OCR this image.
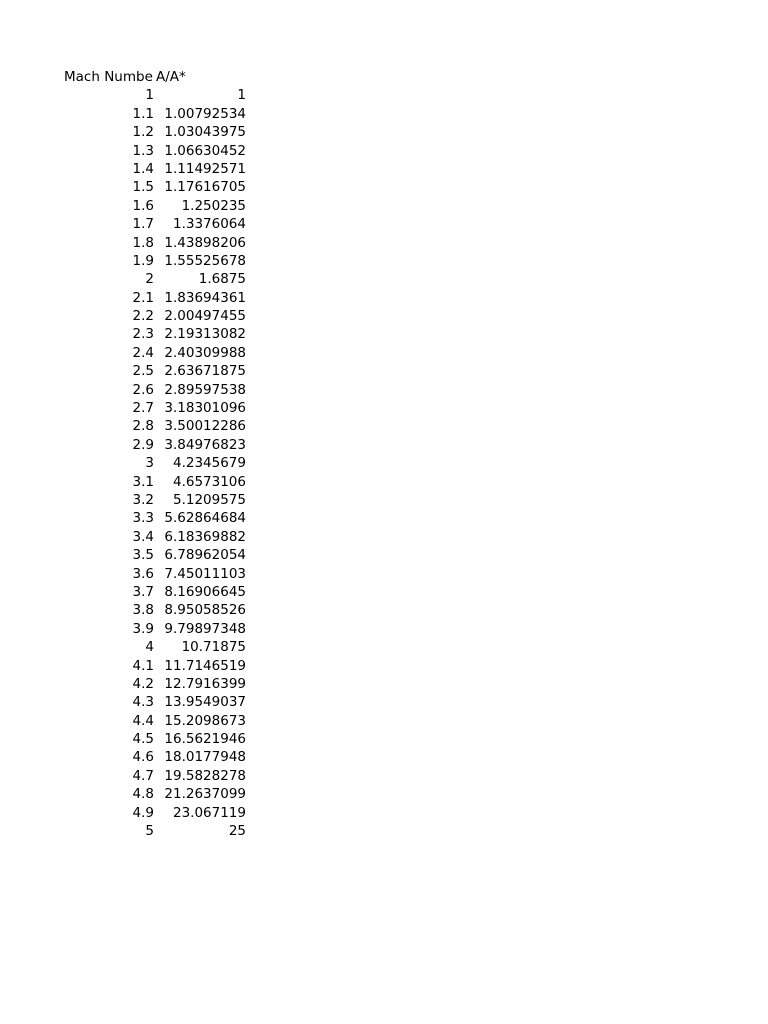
Mach Numbe A/A*
1	1
1.1 1.00792534
1.2 1.03043975
1.3 1.06630452
1.4 1.11492571
1.5 1.17616705
1.6	1.250235
1.7	1.3376064
1.8 1.43898206
1.9 1.55525678
2	1.6875
2.1 1.83694361
2.2 2.00497455
2.3 2.19313082
2.4 2.40309988
2.5 2.63671875
2.6 2.89597538
2.7 3.18301096
2.8 3.50012286
2.9 3.84976823
3	4.2345679
3.1	4.6573106
3.2	5.1209575
3.3 5.62864684
3.4 6.18369882
3.5 6.78962054
3.6 7.45011103
3.7 8.16906645
3.8 8.95058526
3.9 9.79897348
4	10.71875
4.1 11.7146519
4.2 12.7916399
4.3 13.9549037
4.4 15.2098673
4.5 16.5621946
4.6 18.0177948
4.7 19.5828278
4.8 21.2637099
4.9	23.067119
5	25
